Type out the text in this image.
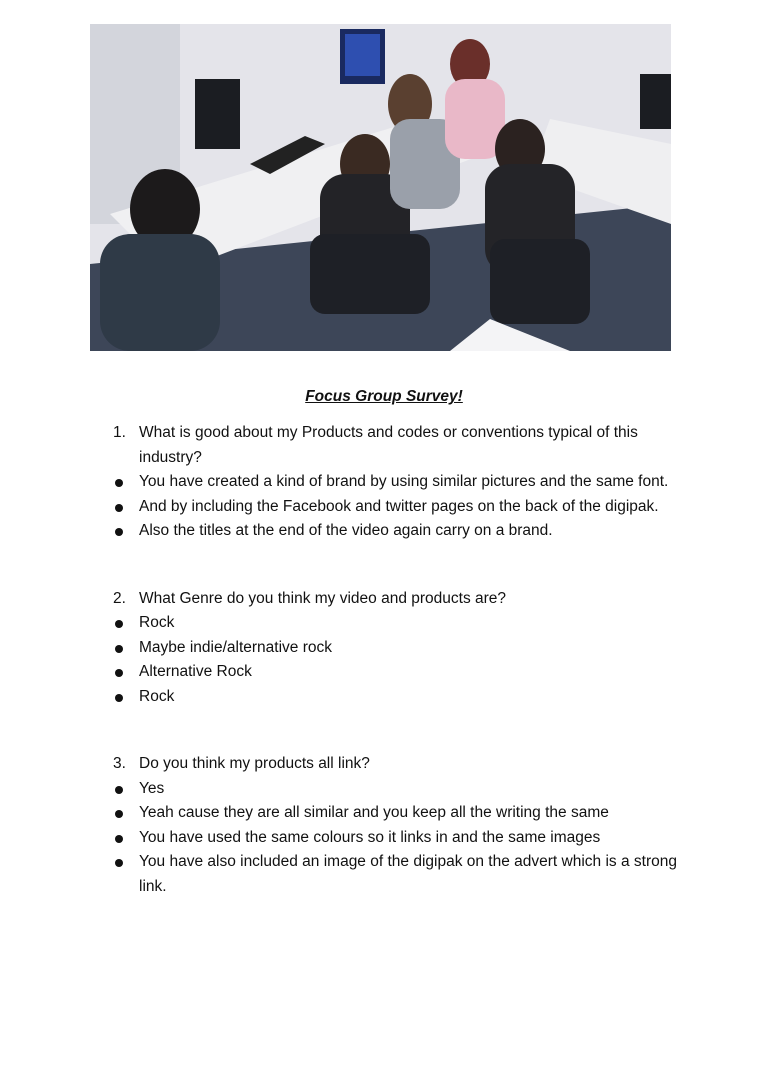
Focus Group Survey!
1. What is good about my Products and codes or conventions typical of this industry?
You have created a kind of brand by using similar pictures and the same font.
And by including the Facebook and twitter pages on the back of the digipak.
Also the titles at the end of the video again carry on a brand.
2. What Genre do you think my video and products are?
Rock
Maybe indie/alternative rock
Alternative Rock
Rock
3. Do you think my products all link?
Yes
Yeah cause they are all similar and you keep all the writing the same
You have used the same colours so it links in and the same images
You have also included an image of the digipak on the advert which is a strong link.
